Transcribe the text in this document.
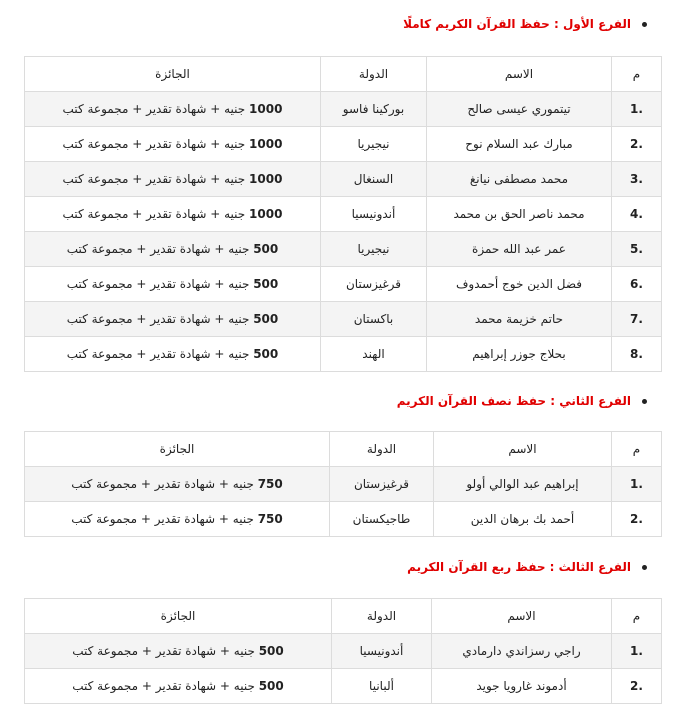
الفرع الأول : حفظ القرآن الكريم كاملًا
م	الاسم	الدولة	الجائزة
1.	تيتموري عيسى صالح	بوركينا فاسو	1000 جنيه + شهادة تقدير + مجموعة كتب
2.	مبارك عبد السلام نوح	نيجيريا	1000 جنيه + شهادة تقدير + مجموعة كتب
3.	محمد مصطفى نيانغ	السنغال	1000 جنيه + شهادة تقدير + مجموعة كتب
4.	محمد ناصر الحق بن محمد	أندونيسيا	1000 جنيه + شهادة تقدير + مجموعة كتب
5.	عمر عبد الله حمزة	نيجيريا	500 جنيه + شهادة تقدير + مجموعة كتب
6.	فضل الدين خوج أحمدوف	قرغيزستان	500 جنيه + شهادة تقدير + مجموعة كتب
7.	حاتم خزيمة محمد	باكستان	500 جنيه + شهادة تقدير + مجموعة كتب
8.	بحلاج جوزر إبراهيم	الهند	500 جنيه + شهادة تقدير + مجموعة كتب
الفرع الثاني : حفظ نصف القرآن الكريم
م	الاسم	الدولة	الجائزة
1.	إبراهيم عبد الوالي أولو	قرغيزستان	750 جنيه + شهادة تقدير + مجموعة كتب
2.	أحمد بك برهان الدين	طاجيكستان	750 جنيه + شهادة تقدير + مجموعة كتب
الفرع الثالث : حفظ ربع القرآن الكريم
م	الاسم	الدولة	الجائزة
1.	راجي رسزاندي دارمادي	أندونيسيا	500 جنيه + شهادة تقدير + مجموعة كتب
2.	أدموند غارويا جويد	ألبانيا	500 جنيه + شهادة تقدير + مجموعة كتب
